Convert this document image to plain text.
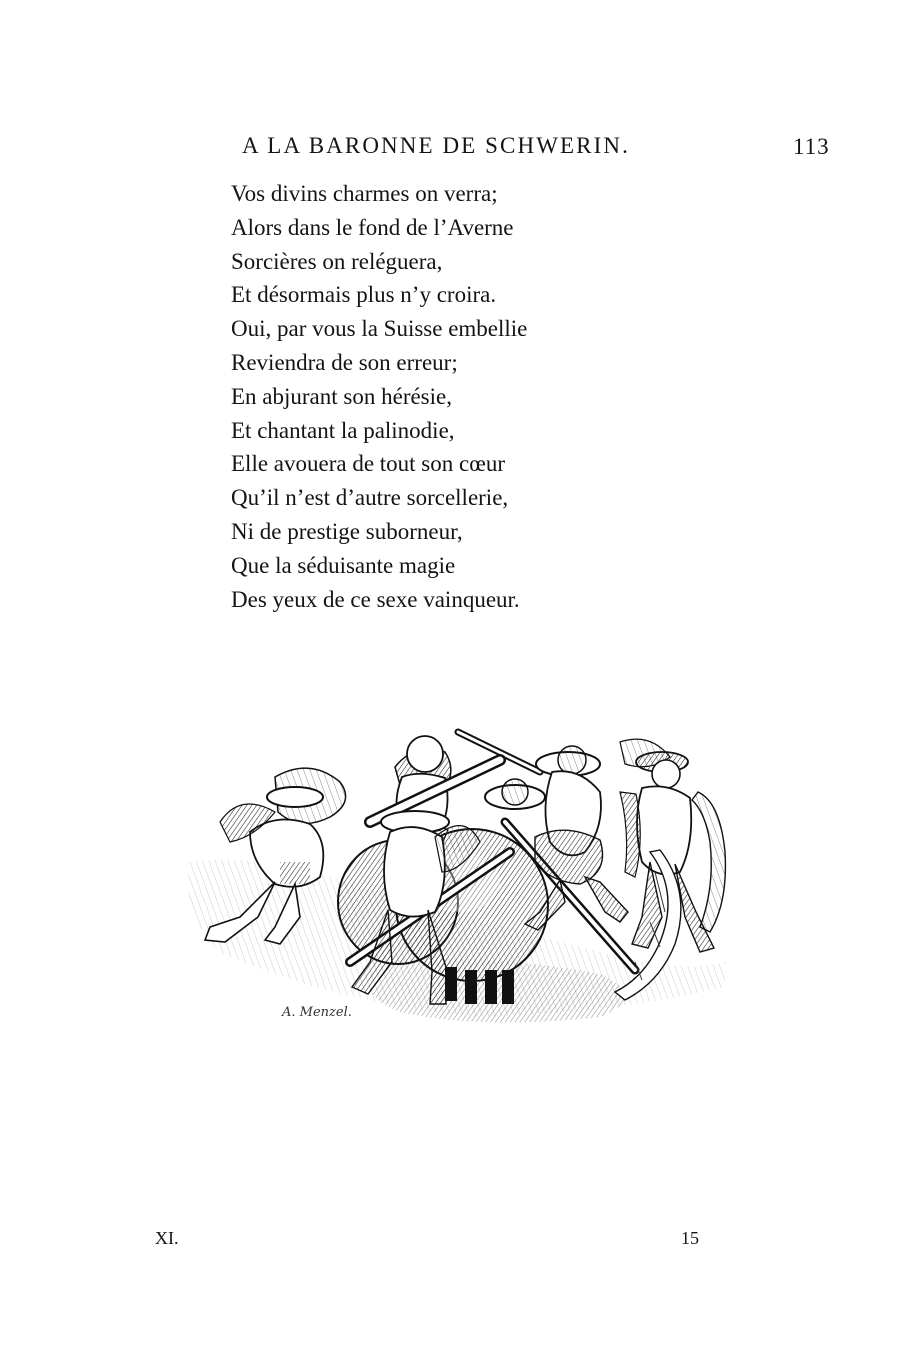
A LA BARONNE DE SCHWERIN.	113
Vos divins charmes on verra;
Alors dans le fond de l’Averne
Sorcières on reléguera,
Et désormais plus n’y croira.
Oui, par vous la Suisse embellie
Reviendra de son erreur;
En abjurant son hérésie,
Et chantant la palinodie,
Elle avouera de tout son cœur
Qu’il n’est d’autre sorcellerie,
Ni de prestige suborneur,
Que la séduisante magie
Des yeux de ce sexe vainqueur.
A. Menzel.
XI.	15
